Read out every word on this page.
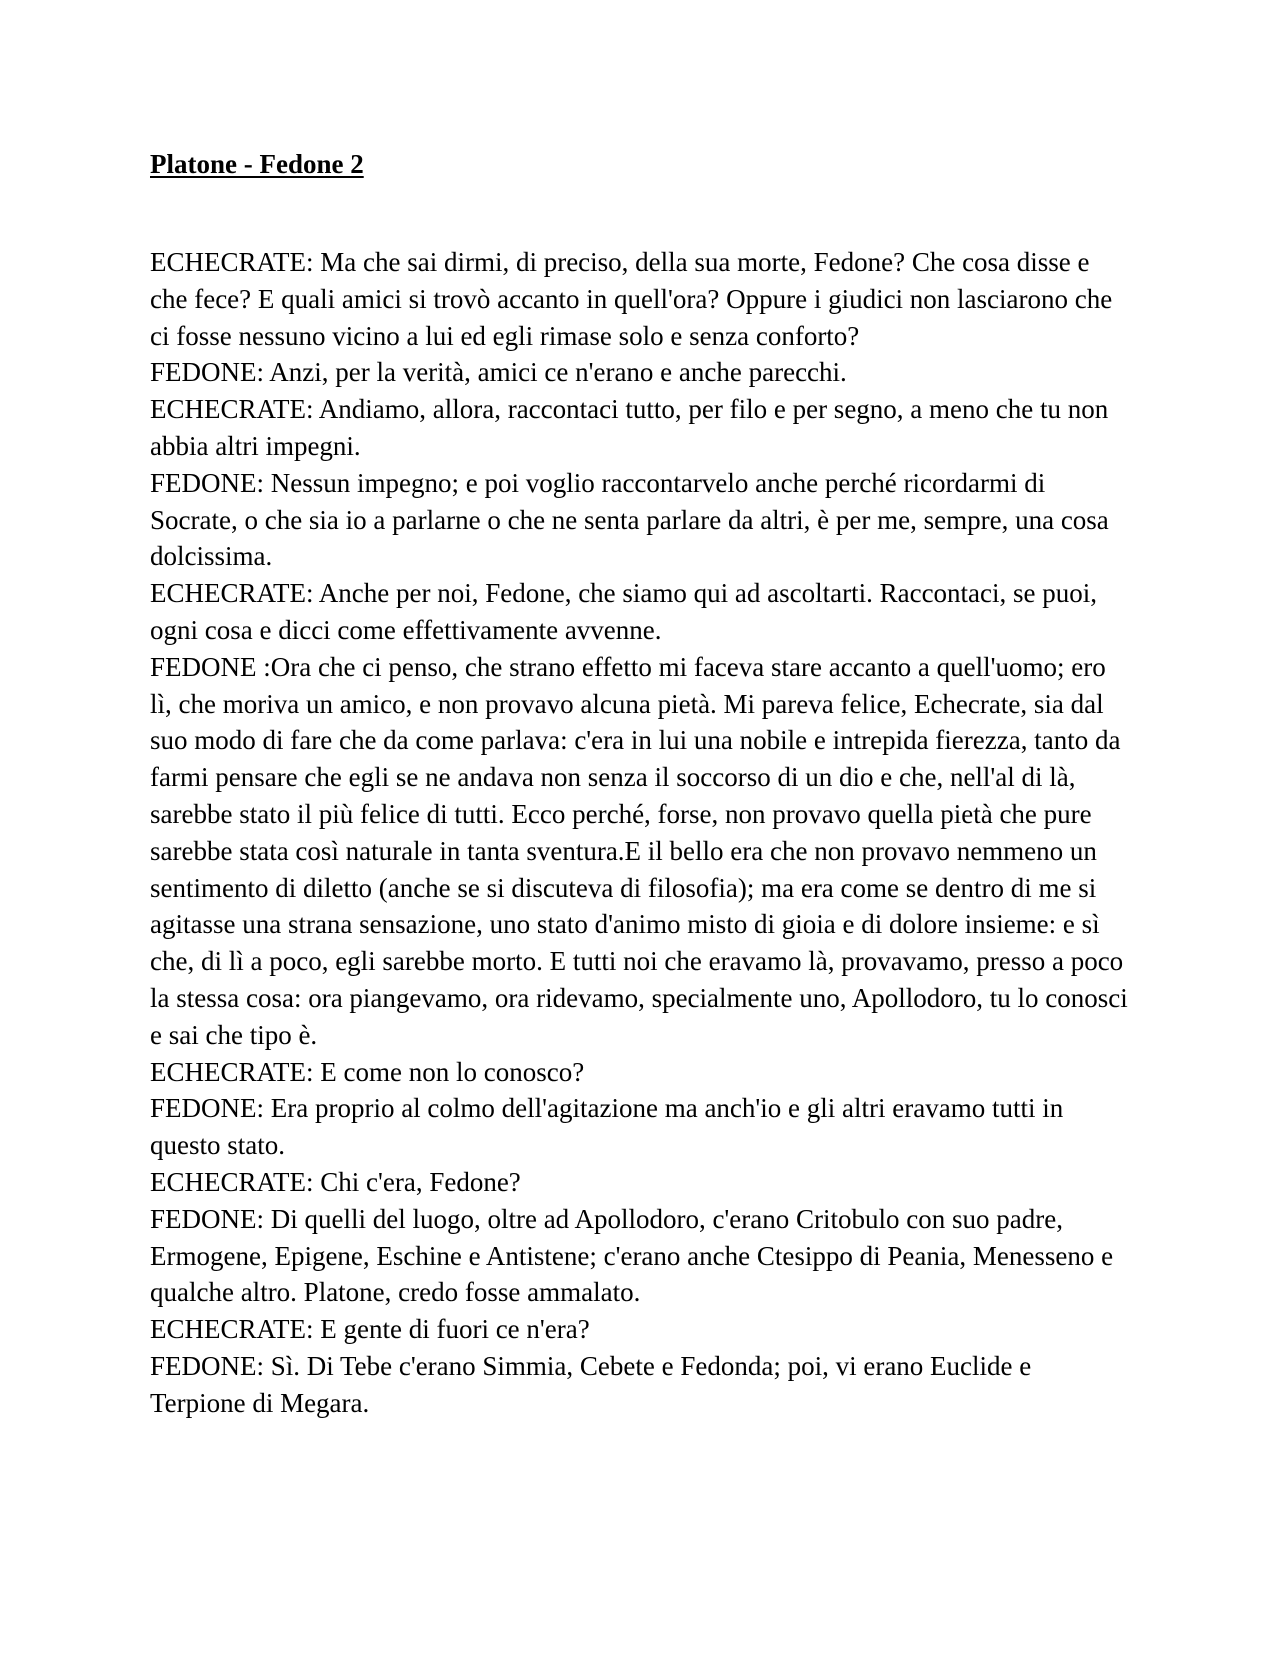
Platone - Fedone 2

ECHECRATE: Ma che sai dirmi, di preciso, della sua morte, Fedone? Che cosa disse e che fece? E quali amici si trovò accanto in quell'ora? Oppure i giudici non lasciarono che ci fosse nessuno vicino a lui ed egli rimase solo e senza conforto?

FEDONE: Anzi, per la verità, amici ce n'erano e anche parecchi.

ECHECRATE: Andiamo, allora, raccontaci tutto, per filo e per segno, a meno che tu non abbia altri impegni.

FEDONE: Nessun impegno; e poi voglio raccontarvelo anche perché ricordarmi di Socrate, o che sia io a parlarne o che ne senta parlare da altri, è per me, sempre, una cosa dolcissima.

ECHECRATE: Anche per noi, Fedone, che siamo qui ad ascoltarti. Raccontaci, se puoi, ogni cosa e dicci come effettivamente avvenne.

FEDONE :Ora che ci penso, che strano effetto mi faceva stare accanto a quell'uomo; ero lì, che moriva un amico, e non provavo alcuna pietà. Mi pareva felice, Echecrate, sia dal suo modo di fare che da come parlava: c'era in lui una nobile e intrepida fierezza, tanto da farmi pensare che egli se ne andava non senza il soccorso di un dio e che, nell'al di là, sarebbe stato il più felice di tutti. Ecco perché, forse, non provavo quella pietà che pure sarebbe stata così naturale in tanta sventura.E il bello era che non provavo nemmeno un sentimento di diletto (anche se si discuteva di filosofia); ma era come se dentro di me si agitasse una strana sensazione, uno stato d'animo misto di gioia e di dolore insieme: e sì che, di lì a poco, egli sarebbe morto. E tutti noi che eravamo là, provavamo, presso a poco la stessa cosa: ora piangevamo, ora ridevamo, specialmente uno, Apollodoro, tu lo conosci e sai che tipo è.

ECHECRATE: E come non lo conosco?

FEDONE: Era proprio al colmo dell'agitazione ma anch'io e gli altri eravamo tutti in questo stato.

ECHECRATE: Chi c'era, Fedone?

FEDONE: Di quelli del luogo, oltre ad Apollodoro, c'erano Critobulo con suo padre, Ermogene, Epigene, Eschine e Antistene; c'erano anche Ctesippo di Peania, Menesseno e qualche altro. Platone, credo fosse ammalato.

ECHECRATE: E gente di fuori ce n'era?

FEDONE: Sì. Di Tebe c'erano Simmia, Cebete e Fedonda; poi, vi erano Euclide e Terpione di Megara.
